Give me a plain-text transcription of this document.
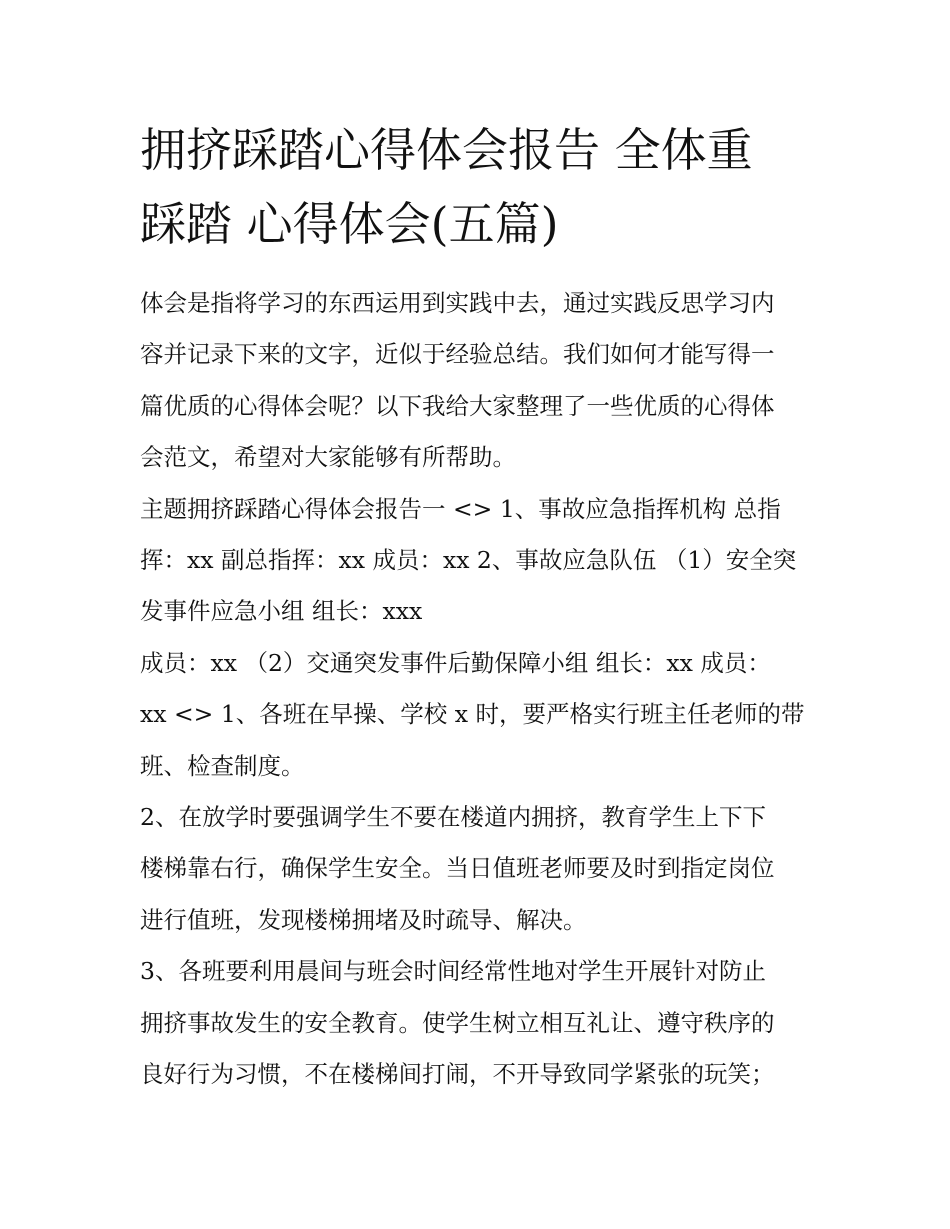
拥挤踩踏心得体会报告 全体重
踩踏 心得体会(五篇)

体会是指将学习的东西运用到实践中去，通过实践反思学习内
容并记录下来的文字，近似于经验总结。我们如何才能写得一
篇优质的心得体会呢？以下我给大家整理了一些优质的心得体
会范文，希望对大家能够有所帮助。

主题拥挤踩踏心得体会报告一 <> 1、事故应急指挥机构 总指
挥：xx 副总指挥：xx 成员：xx 2、事故应急队伍 （1）安全突
发事件应急小组 组长：xxx

成员：xx （2）交通突发事件后勤保障小组 组长：xx 成员：
xx <> 1、各班在早操、学校 x 时，要严格实行班主任老师的带
班、检查制度。

2、在放学时要强调学生不要在楼道内拥挤，教育学生上下下
楼梯靠右行，确保学生安全。当日值班老师要及时到指定岗位
进行值班，发现楼梯拥堵及时疏导、解决。

3、各班要利用晨间与班会时间经常性地对学生开展针对防止
拥挤事故发生的安全教育。使学生树立相互礼让、遵守秩序的
良好行为习惯，不在楼梯间打闹，不开导致同学紧张的玩笑；
